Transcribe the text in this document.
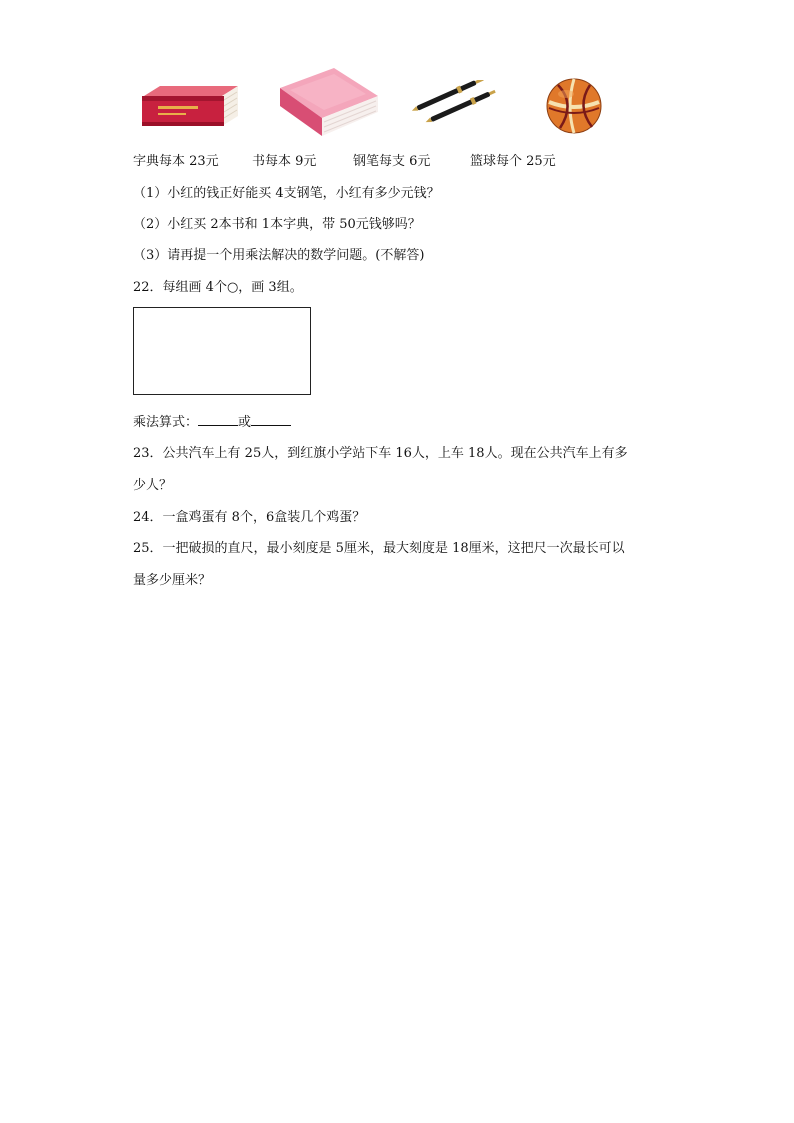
字典每本 23元	书每本 9元	钢笔每支 6元	篮球每个 25元
（1）小红的钱正好能买 4支钢笔，小红有多少元钱？
（2）小红买 2本书和 1本字典，带 50元钱够吗？
（3）请再提一个用乘法解决的数学问题。(不解答)
22．每组画 4个○，画 3组。
乘法算式：	或
23．公共汽车上有 25人，到红旗小学站下车 16人，上车 18人。现在公共汽车上有多
少人？
24．一盒鸡蛋有 8个，6盒装几个鸡蛋？
25．一把破损的直尺，最小刻度是 5厘米，最大刻度是 18厘米，这把尺一次最长可以
量多少厘米？
